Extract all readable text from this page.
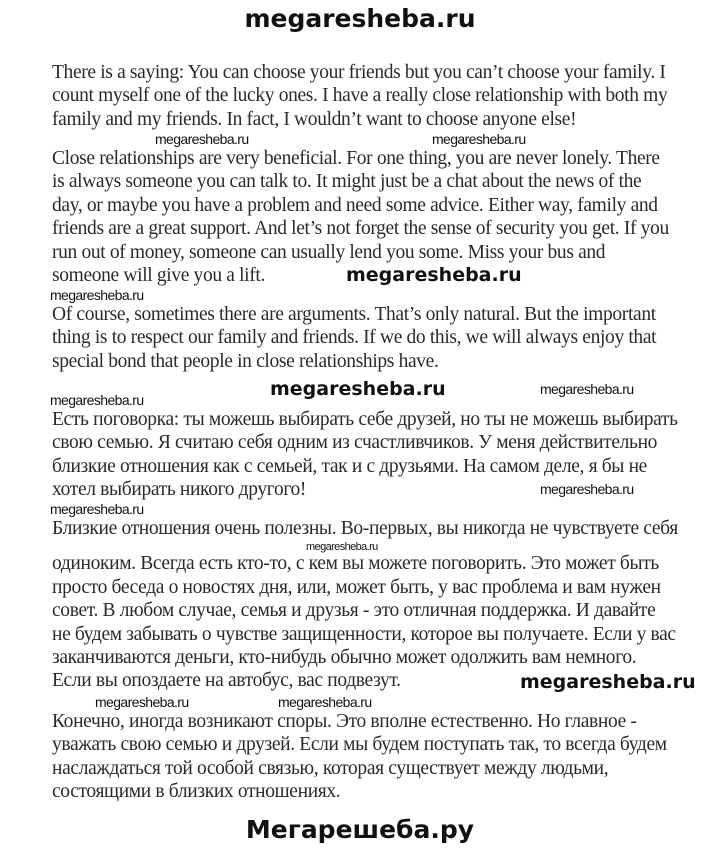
megaresheba.ru
There is a saying: You can choose your friends but you can’t choose your family. I
count myself one of the lucky ones. I have a really close relationship with both my
family and my friends. In fact, I wouldn’t want to choose anyone else!
Close relationships are very beneficial. For one thing, you are never lonely. There
is always someone you can talk to. It might just be a chat about the news of the
day, or maybe you have a problem and need some advice. Either way, family and
friends are a great support. And let’s not forget the sense of security you get. If you
run out of money, someone can usually lend you some. Miss your bus and
someone will give you a lift.
Of course, sometimes there are arguments. That’s only natural. But the important
thing is to respect our family and friends. If we do this, we will always enjoy that
special bond that people in close relationships have.
Есть поговорка: ты можешь выбирать себе друзей, но ты не можешь выбирать
свою семью. Я считаю себя одним из счастливчиков. У меня действительно
близкие отношения как с семьей, так и с друзьями. На самом деле, я бы не
хотел выбирать никого другого!
Близкие отношения очень полезны. Во-первых, вы никогда не чувствуете себя
одиноким. Всегда есть кто-то, с кем вы можете поговорить. Это может быть
просто беседа о новостях дня, или, может быть, у вас проблема и вам нужен
совет. В любом случае, семья и друзья - это отличная поддержка. И давайте
не будем забывать о чувстве защищенности, которое вы получаете. Если у вас
заканчиваются деньги, кто-нибудь обычно может одолжить вам немного.
Если вы опоздаете на автобус, вас подвезут.
Конечно, иногда возникают споры. Это вполне естественно. Но главное -
уважать свою семью и друзей. Если мы будем поступать так, то всегда будем
наслаждаться той особой связью, которая существует между людьми,
состоящими в близких отношениях.
megaresheba.ru	megaresheba.ru
megaresheba.ru
megaresheba.ru
megaresheba.ru	megaresheba.ru
megaresheba.ru
megaresheba.ru
megaresheba.ru
megaresheba.ru
megaresheba.ru
megaresheba.ru	megaresheba.ru
Мегарешеба.ру
